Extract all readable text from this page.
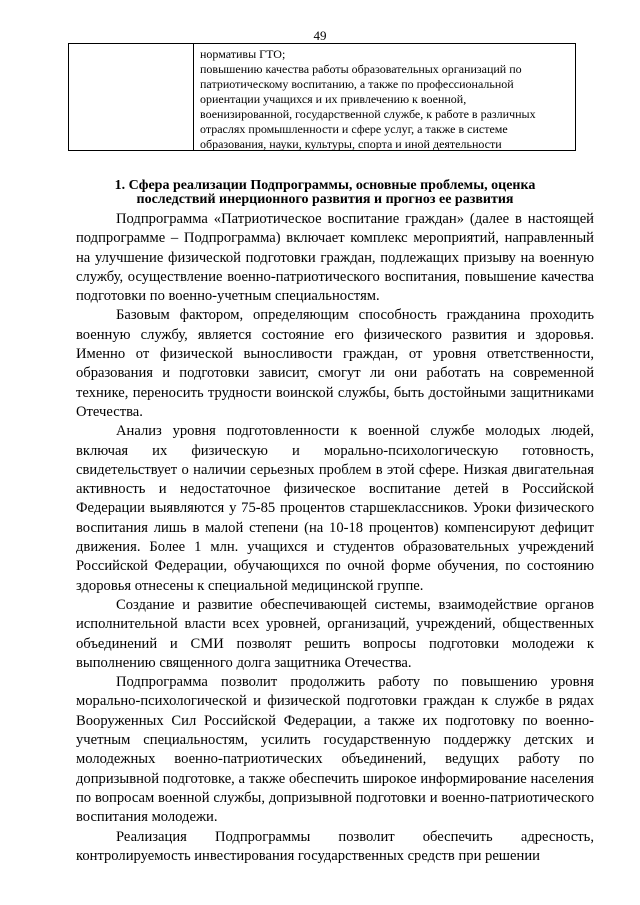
49
нормативы ГТО;
повышению качества работы образовательных организаций по
патриотическому воспитанию, а также по профессиональной
ориентации учащихся и их привлечению к военной,
военизированной, государственной службе, к работе в различных
отраслях промышленности и сфере услуг, а также в системе
образования, науки, культуры, спорта и иной деятельности
1. Сфера реализации Подпрограммы, основные проблемы, оценка
последствий инерционного развития и прогноз ее развития

Подпрограмма «Патриотическое воспитание граждан» (далее в настоящей подпрограмме – Подпрограмма) включает комплекс мероприятий, направленный на улучшение физической подготовки граждан, подлежащих призыву на военную службу, осуществление военно-патриотического воспитания, повышение качества подготовки по военно-учетным специальностям.

Базовым фактором, определяющим способность гражданина проходить военную службу, является состояние его физического развития и здоровья. Именно от физической выносливости граждан, от уровня ответственности, образования и подготовки зависит, смогут ли они работать на современной технике, переносить трудности воинской службы, быть достойными защитниками Отечества.

Анализ уровня подготовленности к военной службе молодых людей, включая их физическую и морально-психологическую готовность, свидетельствует о наличии серьезных проблем в этой сфере. Низкая двигательная активность и недостаточное физическое воспитание детей в Российской Федерации выявляются у 75-85 процентов старшеклассников. Уроки физического воспитания лишь в малой степени (на 10-18 процентов) компенсируют дефицит движения. Более 1 млн. учащихся и студентов образовательных учреждений Российской Федерации, обучающихся по очной форме обучения, по состоянию здоровья отнесены к специальной медицинской группе.

Создание и развитие обеспечивающей системы, взаимодействие органов исполнительной власти всех уровней, организаций, учреждений, общественных объединений и СМИ позволят решить вопросы подготовки молодежи к выполнению священного долга защитника Отечества.

Подпрограмма позволит продолжить работу по повышению уровня морально-психологической и физической подготовки граждан к службе в рядах Вооруженных Сил Российской Федерации, а также их подготовку по военно-учетным специальностям, усилить государственную поддержку детских и молодежных военно-патриотических объединений, ведущих работу по допризывной подготовке, а также обеспечить широкое информирование населения по вопросам военной службы, допризывной подготовки и военно-патриотического воспитания молодежи.

Реализация Подпрограммы позволит обеспечить адресность, контролируемость инвестирования государственных средств при решении
